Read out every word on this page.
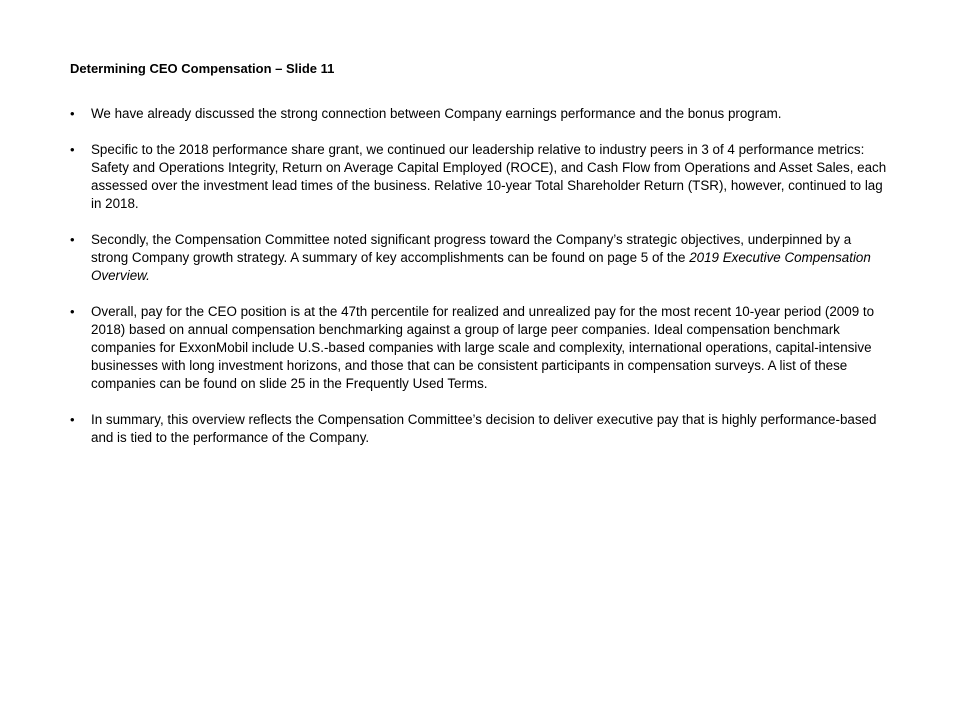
Determining CEO Compensation – Slide 11
•	We have already discussed the strong connection between Company earnings performance and the bonus program.
•	Specific to the 2018 performance share grant, we continued our leadership relative to industry peers in 3 of 4 performance metrics: Safety and Operations Integrity, Return on Average Capital Employed (ROCE), and Cash Flow from Operations and Asset Sales, each assessed over the investment lead times of the business. Relative 10-year Total Shareholder Return (TSR), however, continued to lag in 2018.
•	Secondly, the Compensation Committee noted significant progress toward the Company’s strategic objectives, underpinned by a strong Company growth strategy. A summary of key accomplishments can be found on page 5 of the 2019 Executive Compensation Overview.
•	Overall, pay for the CEO position is at the 47th percentile for realized and unrealized pay for the most recent 10-year period (2009 to 2018) based on annual compensation benchmarking against a group of large peer companies. Ideal compensation benchmark companies for ExxonMobil include U.S.-based companies with large scale and complexity, international operations, capital-intensive businesses with long investment horizons, and those that can be consistent participants in compensation surveys. A list of these companies can be found on slide 25 in the Frequently Used Terms.
•	In summary, this overview reflects the Compensation Committee’s decision to deliver executive pay that is highly performance-based and is tied to the performance of the Company.
